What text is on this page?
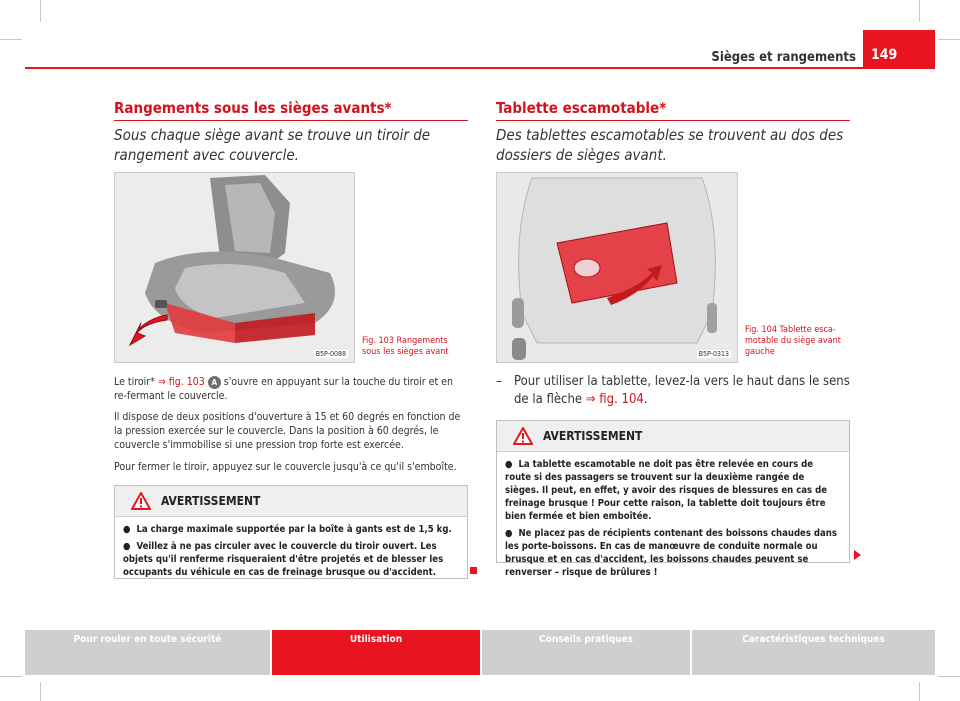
Sièges et rangements	149
Rangements sous les sièges avants*

Sous chaque siège avant se trouve un tiroir de rangement avec couvercle.

B5P-0088
Fig. 103 Rangements
sous les sièges avant

Le tiroir* ⇒ fig. 103 A s'ouvre en appuyant sur la touche du tiroir et en re-fermant le couvercle.

Il dispose de deux positions d'ouverture à 15 et 60 degrés en fonction de la pression exercée sur le couvercle. Dans la position à 60 degrés, le couvercle s'immobilise si une pression trop forte est exercée.

Pour fermer le tiroir, appuyez sur le couvercle jusqu'à ce qu'il s'emboîte.

AVERTISSEMENT

● La charge maximale supportée par la boîte à gants est de 1,5 kg.

● Veillez à ne pas circuler avec le couvercle du tiroir ouvert. Les objets qu'il renferme risqueraient d'être projetés et de blesser les occupants du véhicule en cas de freinage brusque ou d'accident.

Tablette escamotable*

Des tablettes escamotables se trouvent au dos des dossiers de sièges avant.

B5P-0313
Fig. 104 Tablette esca-
motable du siège avant
gauche
– Pour utiliser la tablette, levez-la vers le haut dans le sens de la flèche ⇒ fig. 104.
AVERTISSEMENT

● La tablette escamotable ne doit pas être relevée en cours de route si des passagers se trouvent sur la deuxième rangée de sièges. Il peut, en effet, y avoir des risques de blessures en cas de freinage brusque ! Pour cette raison, la tablette doit toujours être bien fermée et bien emboîtée.

● Ne placez pas de récipients contenant des boissons chaudes dans les porte-boissons. En cas de manœuvre de conduite normale ou brusque et en cas d'accident, les boissons chaudes peuvent se renverser – risque de brûlures !

Pour rouler en toute sécurité	Utilisation	Conseils pratiques	Caractéristiques techniques
